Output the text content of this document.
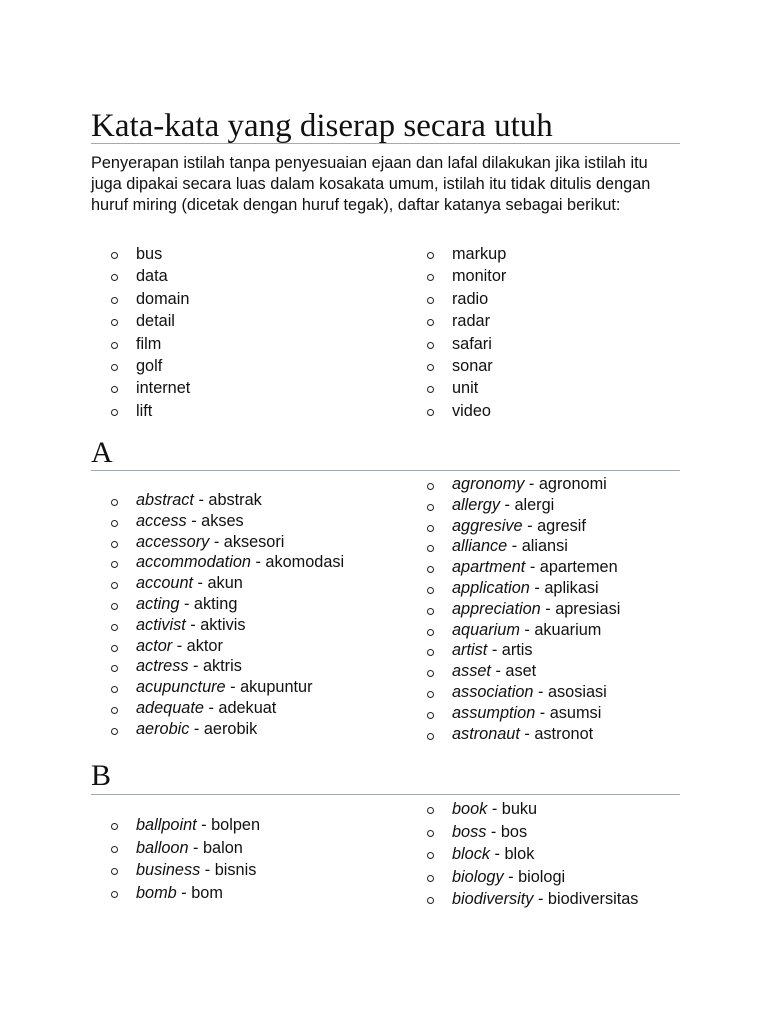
Kata-kata yang diserap secara utuh

Penyerapan istilah tanpa penyesuaian ejaan dan lafal dilakukan jika istilah itu juga dipakai secara luas dalam kosakata umum, istilah itu tidak ditulis dengan huruf miring (dicetak dengan huruf tegak), daftar katanya sebagai berikut:

bus
data
domain
detail
film
golf
internet
lift
markup
monitor
radio
radar
safari
sonar
unit
video
A
abstract - abstrak
access - akses
accessory - aksesori
accommodation - akomodasi
account - akun
acting - akting
activist - aktivis
actor - aktor
actress - aktris
acupuncture - akupuntur
adequate - adekuat
aerobic - aerobik
agronomy - agronomi
allergy - alergi
aggresive - agresif
alliance - aliansi
apartment - apartemen
application - aplikasi
appreciation - apresiasi
aquarium - akuarium
artist - artis
asset - aset
association - asosiasi
assumption - asumsi
astronaut - astronot
B
ballpoint - bolpen
balloon - balon
business - bisnis
bomb - bom
book - buku
boss - bos
block - blok
biology - biologi
biodiversity - biodiversitas
